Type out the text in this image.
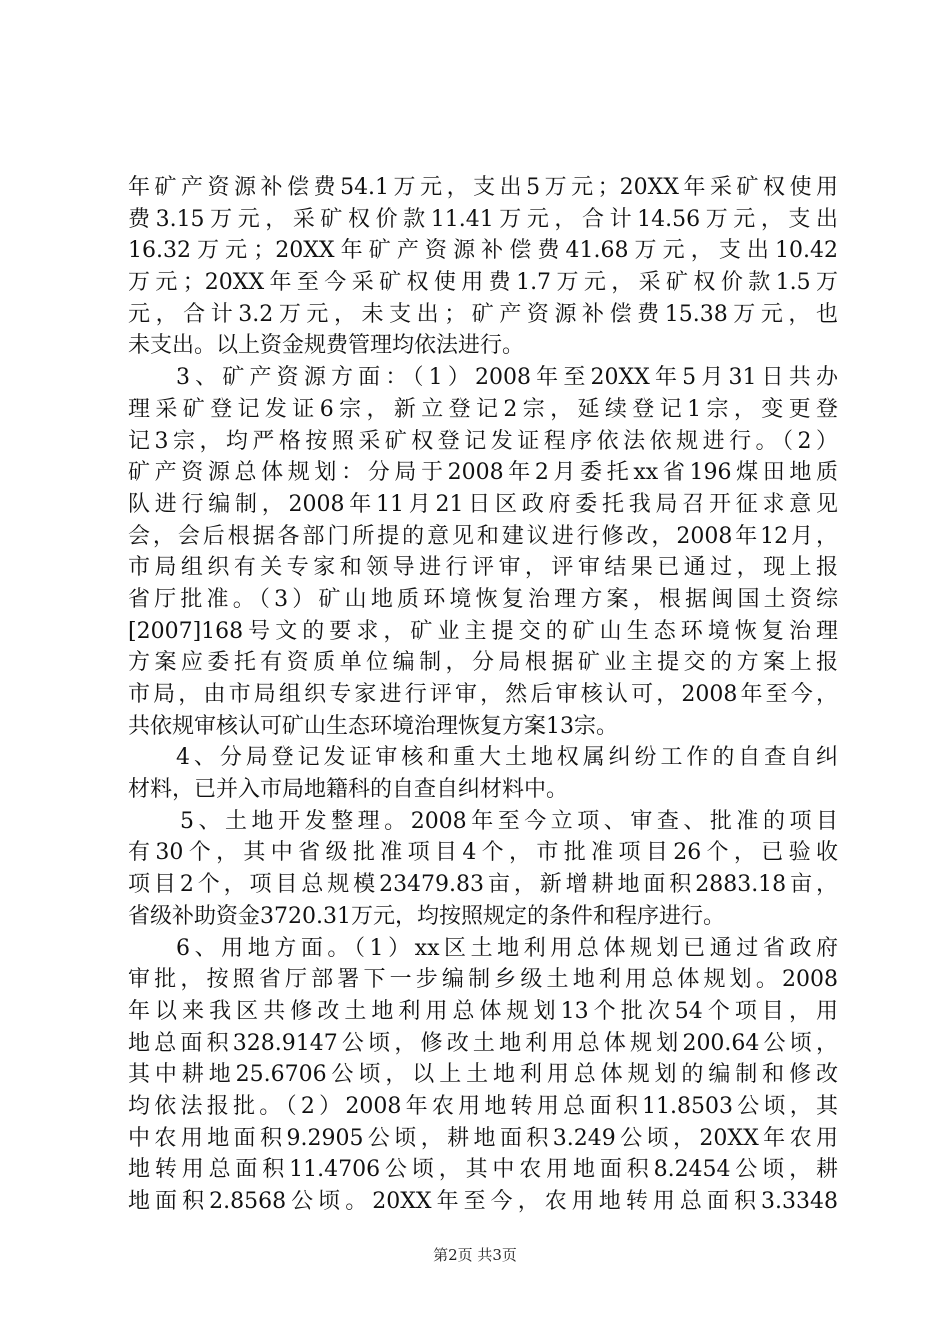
年矿产资源补偿费54.1万元，支出5万元；20XX年采矿权使用
费3.15万元，采矿权价款11.41万元，合计14.56万元，支出
16.32万元；20XX年矿产资源补偿费41.68万元，支出10.42
万元；20XX年至今采矿权使用费1.7万元，采矿权价款1.5万
元，合计3.2万元，未支出；矿产资源补偿费15.38万元，也
未支出。以上资金规费管理均依法进行。
3、矿产资源方面：（1）2008年至20XX年5月31日共办
理采矿登记发证6宗，新立登记2宗，延续登记1宗，变更登
记3宗，均严格按照采矿权登记发证程序依法依规进行。（2）
矿产资源总体规划：分局于2008年2月委托xx省196煤田地质
队进行编制，2008年11月21日区政府委托我局召开征求意见
会，会后根据各部门所提的意见和建议进行修改，2008年12月，
市局组织有关专家和领导进行评审，评审结果已通过，现上报
省厅批准。（3）矿山地质环境恢复治理方案，根据闽国土资综
[2007]168号文的要求，矿业主提交的矿山生态环境恢复治理
方案应委托有资质单位编制，分局根据矿业主提交的方案上报
市局，由市局组织专家进行评审，然后审核认可，2008年至今，
共依规审核认可矿山生态环境治理恢复方案13宗。
4、分局登记发证审核和重大土地权属纠纷工作的自查自纠
材料，已并入市局地籍科的自查自纠材料中。
5、土地开发整理。2008年至今立项、审查、批准的项目
有30个，其中省级批准项目4个，市批准项目26个，已验收
项目2个，项目总规模23479.83亩，新增耕地面积2883.18亩，
省级补助资金3720.31万元，均按照规定的条件和程序进行。
6、用地方面。（1）xx区土地利用总体规划已通过省政府
审批，按照省厅部署下一步编制乡级土地利用总体规划。2008
年以来我区共修改土地利用总体规划13个批次54个项目，用
地总面积328.9147公顷，修改土地利用总体规划200.64公顷，
其中耕地25.6706公顷，以上土地利用总体规划的编制和修改
均依法报批。（2）2008年农用地转用总面积11.8503公顷，其
中农用地面积9.2905公顷，耕地面积3.249公顷，20XX年农用
地转用总面积11.4706公顷，其中农用地面积8.2454公顷，耕
地面积2.8568公顷。20XX年至今，农用地转用总面积3.3348
第2页 共3页
